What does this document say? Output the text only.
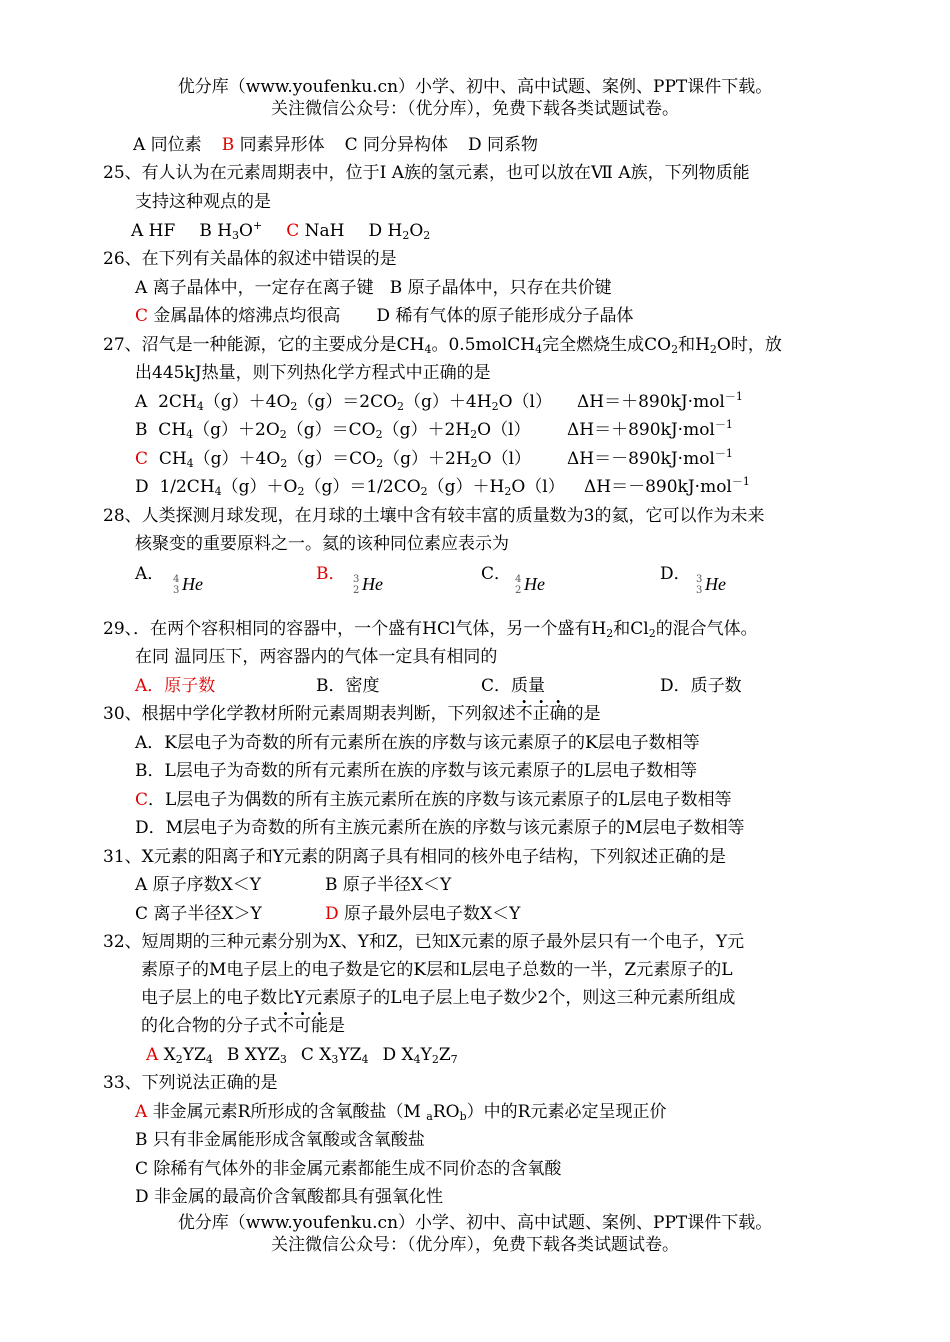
优分库（www.youfenku.cn）小学、初中、高中试题、案例、PPT课件下载。
关注微信公众号：（优分库），免费下载各类试题试卷。
A 同位素 B 同素异形体 C 同分异构体 D 同系物
25、有人认为在元素周期表中，位于Ⅰ A族的氢元素，也可以放在Ⅶ A族，下列物质能
支持这种观点的是
A HF B $H_3O^+$ C NaH D $H_2O_2$
26、在下列有关晶体的叙述中错误的是
A 离子晶体中，一定存在离子键 B 原子晶体中，只存在共价键
C 金属晶体的熔沸点均很高 D 稀有气体的原子能形成分子晶体
27、沼气是一种能源，它的主要成分是$CH_4$。0.5molCH$_4$完全燃烧生成$CO_2$和$H_2O$时，放
出445kJ热量，则下列热化学方程式中正确的是
A  $2CH_4(g)+4O_2(g)=2CO_2(g)+4H_2O(l)$ ΔH＝＋890kJ·mol$^{-1}$
B  $CH_4(g)+2O_2(g)=CO_2(g)+2H_2O(l)$ ΔH＝＋890kJ·mol$^{-1}$
C  $CH_4(g)+4O_2(g)=CO_2(g)+2H_2O(l)$ ΔH＝－890kJ·mol$^{-1}$
D  $1/2CH_4(g)+O_2(g)=1/2CO_2(g)+H_2O(l)$ ΔH＝－890kJ·mol$^{-1}$
28、人类探测月球发现，在月球的土壤中含有较丰富的质量数为3的氦，它可以作为未来
核聚变的重要原料之一。氦的该种同位素应表示为
A． 4
3 He	B． 3
2 He	C． 4
2 He	D． 3
3 He
29、．在两个容积相同的容器中，一个盛有HCl气体，另一个盛有$H_2$和$Cl_2$的混合气体。
在同 温同压下，两容器内的气体一定具有相同的
A．原子数	B．密度	C．质量	D．质子数
30、根据中学化学教材所附元素周期表判断，下列叙述不正确的是
A．K层电子为奇数的所有元素所在族的序数与该元素原子的K层电子数相等
B．L层电子为奇数的所有元素所在族的序数与该元素原子的L层电子数相等
C．L层电子为偶数的所有主族元素所在族的序数与该元素原子的L层电子数相等
D．M层电子为奇数的所有主族元素所在族的序数与该元素原子的M层电子数相等
31、X元素的阳离子和Y元素的阴离子具有相同的核外电子结构，下列叙述正确的是
A 原子序数X＜Y	B 原子半径X＜Y
C 离子半径X＞Y	D 原子最外层电子数X＜Y
32、短周期的三种元素分别为X、Y和Z，已知X元素的原子最外层只有一个电子，Y元
素原子的M电子层上的电子数是它的K层和L层电子总数的一半，Z元素原子的L
电子层上的电子数比Y元素原子的L电子层上电子数少2个，则这三种元素所组成
的化合物的分子式不可能是
A $X_2YZ_4$ B $XYZ_3$ C $X_3YZ_4$ D $X_4Y_2Z_7$
33、下列说法正确的是
A 非金属元素R所形成的含氧酸盐（M $_aRO_b$）中的R元素必定呈现正价
B 只有非金属能形成含氧酸或含氧酸盐
C 除稀有气体外的非金属元素都能生成不同价态的含氧酸
D 非金属的最高价含氧酸都具有强氧化性
优分库（www.youfenku.cn）小学、初中、高中试题、案例、PPT课件下载。
关注微信公众号：（优分库），免费下载各类试题试卷。
